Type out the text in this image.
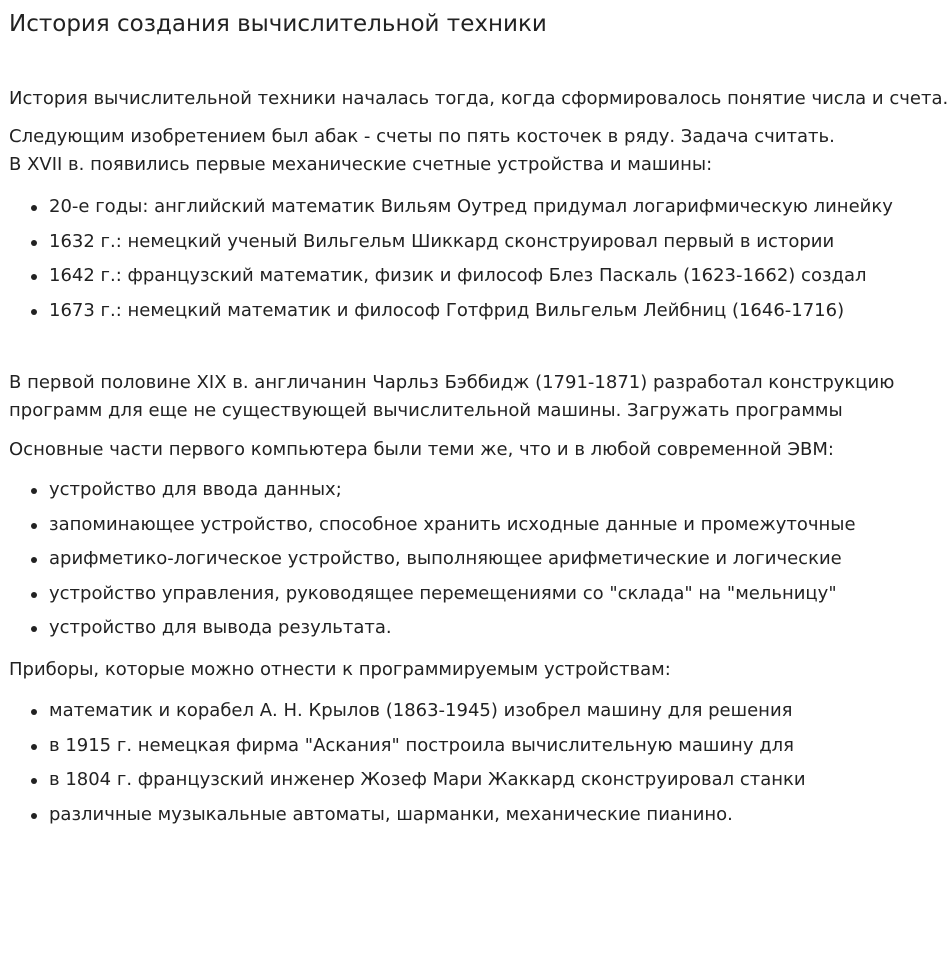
История создания вычислительной техники

История вычислительной техники началась тогда, когда сформировалось понятие числа и счета.

Следующим изобретением был абак - счеты по пять косточек в ряду. Задача считать.
В XVII в. появились первые механические счетные устройства и машины:
20-е годы: английский математик Вильям Оутред придумал логарифмическую линейку
1632 г.: немецкий ученый Вильгельм Шиккард сконструировал первый в истории
1642 г.: французский математик, физик и философ Блез Паскаль (1623-1662) создал
1673 г.: немецкий математик и философ Готфрид Вильгельм Лейбниц (1646-1716)
В первой половине XIX в. англичанин Чарльз Бэббидж (1791-1871) разработал конструкцию
программ для еще не существующей вычислительной машины. Загружать программы

Основные части первого компьютера были теми же, что и в любой современной ЭВМ:

устройство для ввода данных;
запоминающее устройство, способное хранить исходные данные и промежуточные
арифметико-логическое устройство, выполняющее арифметические и логические
устройство управления, руководящее перемещениями со "склада" на "мельницу"
устройство для вывода результата.

Приборы, которые можно отнести к программируемым устройствам:

математик и корабел А. Н. Крылов (1863-1945) изобрел машину для решения
в 1915 г. немецкая фирма "Аскания" построила вычислительную машину для
в 1804 г. французский инженер Жозеф Мари Жаккард сконструировал станки
различные музыкальные автоматы, шарманки, механические пианино.
